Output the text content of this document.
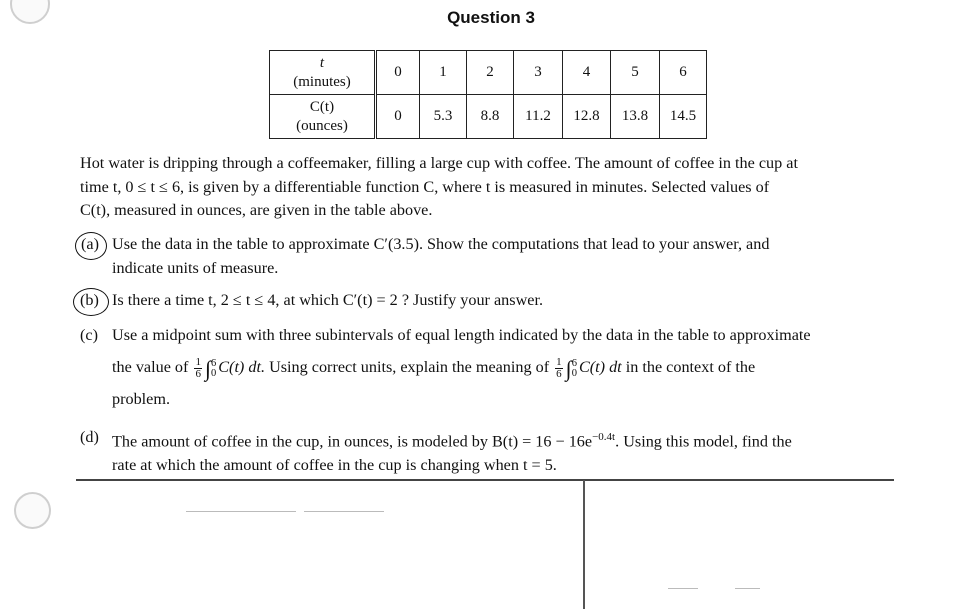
Question 3
t
(minutes)	0	1	2	3	4	5	6

C(t)
(ounces)	0	5.3	8.8	11.2	12.8	13.8	14.5
Hot water is dripping through a coffeemaker, filling a large cup with coffee. The amount of coffee in the cup at
time t, 0 ≤ t ≤ 6, is given by a differentiable function C, where t is measured in minutes. Selected values of
C(t), measured in ounces, are given in the table above.
(a) Use the data in the table to approximate C′(3.5). Show the computations that lead to your answer, and
indicate units of measure.
(b) Is there a time t, 2 ≤ t ≤ 4, at which C′(t) = 2 ? Justify your answer.
(c) Use a midpoint sum with three subintervals of equal length indicated by the data in the table to approximate
the value of $\frac{1}{6}$ ∫ 6
0 C(t) dt. Using correct units, explain the meaning of $\frac{1}{6}$ ∫ 6
0 C(t) dt in the context of the
problem.
(d) The amount of coffee in the cup, in ounces, is modeled by $B(t) = 16 - 16e^{-0.4t}$. Using this model, find the
rate at which the amount of coffee in the cup is changing when t = 5.
